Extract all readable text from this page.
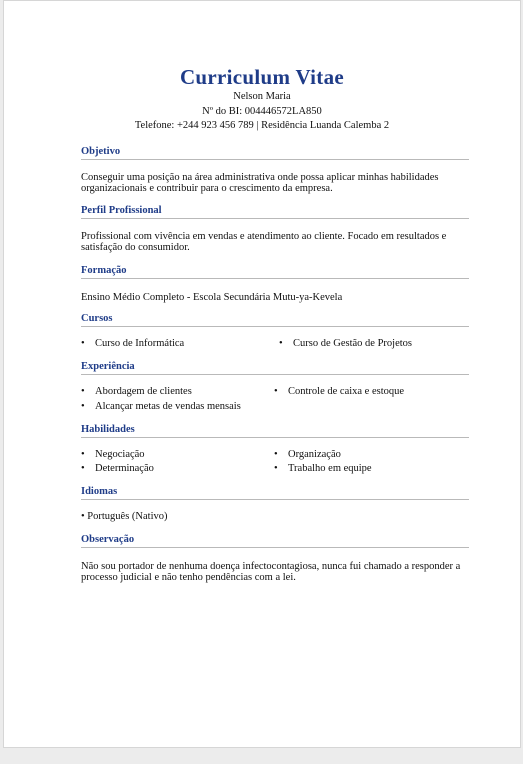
Curriculum Vitae
Nelson Maria
Nº do BI: 004446572LA850
Telefone: +244 923 456 789 | Residência Luanda Calemba 2
Objetivo
Conseguir uma posição na área administrativa onde possa aplicar minhas habilidades organizacionais e contribuir para o crescimento da empresa.
Perfil Profissional
Profissional com vivência em vendas e atendimento ao cliente. Focado em resultados e satisfação do consumidor.
Formação
Ensino Médio Completo - Escola Secundária Mutu-ya-Kevela
Cursos
• Curso de Informática	• Curso de Gestão de Projetos
Experiência
• Abordagem de clientes	• Controle de caixa e estoque
• Alcançar metas de vendas mensais
Habilidades
• Negociação	• Organização
• Determinação	• Trabalho em equipe
Idiomas
• Português (Nativo)
Observação
Não sou portador de nenhuma doença infectocontagiosa, nunca fui chamado a responder a processo judicial e não tenho pendências com a lei.
